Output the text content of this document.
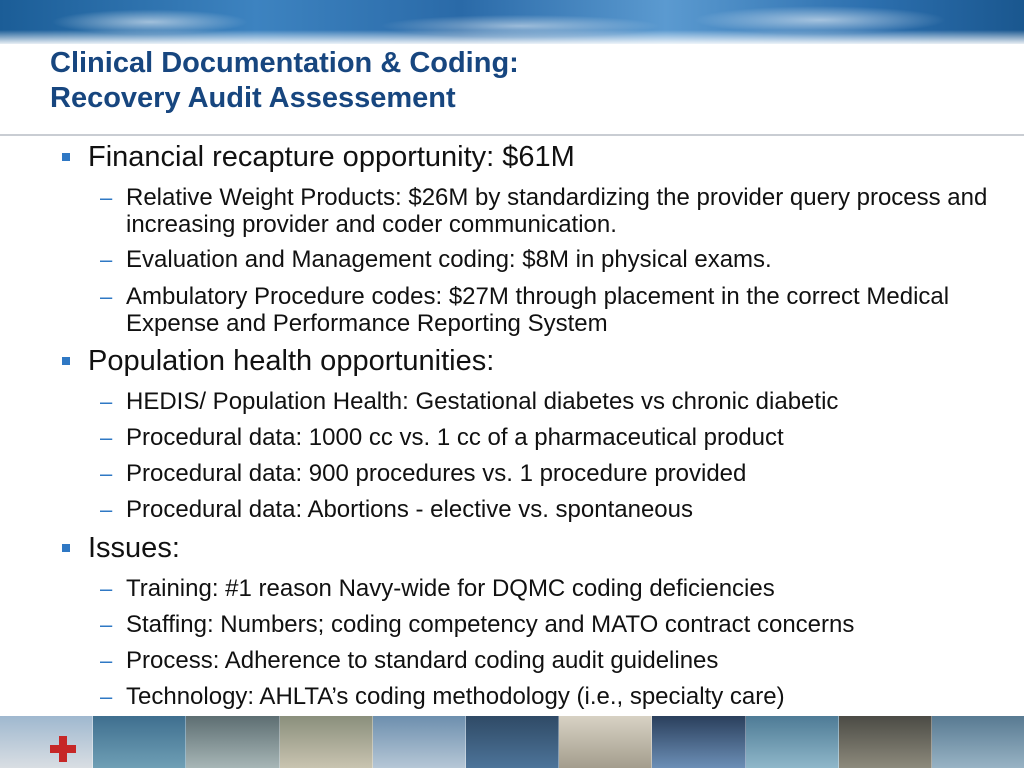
Clinical Documentation & Coding:
Recovery Audit Assessement
Financial recapture opportunity: $61M
– Relative Weight Products: $26M by standardizing the provider query process and increasing provider and coder communication.
– Evaluation and Management coding: $8M in physical exams.
– Ambulatory Procedure codes: $27M through placement in the correct Medical Expense and Performance Reporting System
Population health opportunities:
– HEDIS/ Population Health: Gestational diabetes vs chronic diabetic
– Procedural data: 1000 cc vs. 1 cc of a pharmaceutical product
– Procedural data: 900 procedures vs. 1 procedure provided
– Procedural data: Abortions - elective vs. spontaneous
Issues:
– Training: #1 reason Navy-wide for DQMC coding deficiencies
– Staffing: Numbers; coding competency and MATO contract concerns
– Process: Adherence to standard coding audit guidelines
– Technology: AHLTA’s coding methodology (i.e., specialty care)
